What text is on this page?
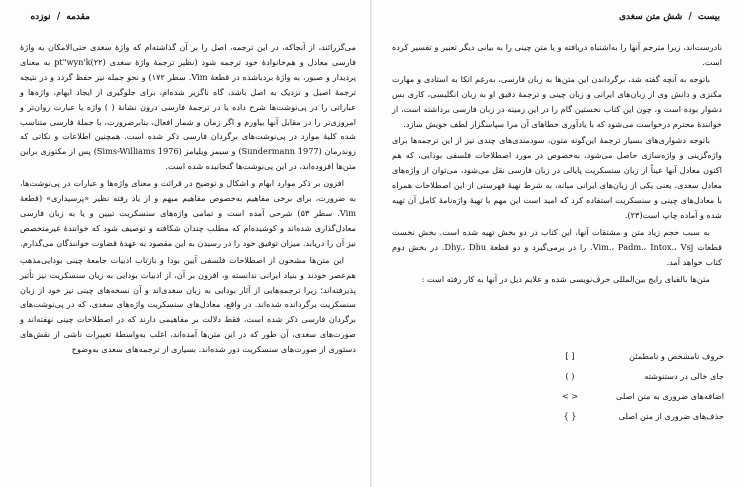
مقدمه / نوزده

می‌گزرائند، از آنجاکه، در این ترجمه، اصل را بر آن گذاشته‌ام که واژهٔ سغدی حتی‌الامکان به واژهٔ فارسی معادل و هم‌خانوادهٔ خود ترجمه شود (نظیر ترجمهٔ واژهٔ سغدی (٢٢)pt"wyn'k به معنای پردیدار و صبور، به واژهٔ بردباشده در قطعهٔ Vim. سطر ١٧٢) و نحو جمله نیز حفظ گردد و در نتیجه ترجمهٔ اصیل و نزدیک به اصل باشد، گاه ناگزیر شده‌ام، برای جلوگیری از ایجاد ابهام، واژه‌ها و عباراتی را در پی‌نوشت‌ها شرح داده یا در ترجمهٔ فارسی درون نشانهٔ ( ) واژه یا عبارت روان‌تر و امروزی‌تر را در مقابل آنها بیاورم و اگر زمان و شمار افعال، بنابرضرورت، با جملهٔ فارسی متناسب شده کلیهٔ موارد در پی‌نوشت‌های برگردان فارسی ذکر شده است. همچنین اطلاعات و نکاتی که زوندرمان (Sundermann 1977) و سیمز ویلیامز (Sims-Williams 1976) پس از مکتوزی براین متن‌ها افزوده‌اند، در این پی‌نوشت‌ها گنجانیده شده است.

افزون بر ذکر موارد ابهام و اشکال و توضیح در قرائت و معنای واژه‌ها و عبارات در پی‌نوشت‌ها، به ضرورت، برای برخی مفاهیم به‌خصوص مفاهیم مبهم و از یاد رفته نظیر «پرسیداری» (قطعهٔ Vim. سطر ۵٣) شرحی آمده است و تمامی واژه‌های سنسکریت تبیین و یا به زبان فارسی معادل‌گذاری شده‌اند و کوشیده‌ام که مطلب چندان شکافته و توصیف شود که خوانندهٔ غیرمتخصص نیز آن را دریابد. میزان توفیق خود را در رسیدن به این مقصود به عهدهٔ قضاوت خوانندگان می‌گذارم.

این متن‌ها مشحون از اصطلاحات فلسفی آیین بودا و بازتاب ادبیات جامعهٔ چینی بودایی‌مذهب هم‌عصر خودند و بنیاد ایرانی ندانسته و، افزون بر آن، از ادبیات بودایی به زبان سنسکریت نیز تأثیر پذیرفته‌اند؛ زیرا ترجمه‌هایی از آثار بودایی به زبان سغدی‌اند و آن نسخه‌های چینی نیز خود از زبان سنسکریت برگردانده شده‌اند. در واقع، معادل‌های سنسکریت واژه‌های سغدی، که در پی‌نوشت‌های برگردان فارسی ذکر شده است، فقط دلالت بر مفاهیمی دارند که در اصطلاحات چینی نهفته‌اند و صورت‌های سغدی، آن طور که در این متن‌ها آمده‌اند، اغلب به‌واسطهٔ تغییرات ناشی از نقش‌های دستوری از صورت‌های سنسکریت دور شده‌اند. بسیاری از ترجمه‌های سغدی به‌وضوح

بیست / شش متن سغدی

نادرست‌اند، زیرا مترجم آنها را به‌اشتباه دریافته و یا متن چینی را به بیانی دیگر تعبیر و تفسیر کرده است.

باتوجه به آنچه گفته شد، برگرداندن این متن‌ها به زبان فارسی، به‌رغم اتکا به استادی و مهارت مکنزی و دانش وی از زبان‌های ایرانی و زبان چینی و ترجمهٔ دقیق او به زبان انگلیسی، کاری بس دشوار بوده است و، چون این کتاب نخستین گام را در این زمینه در زبان فارسی برداشته است، از خوانندهٔ محترم درخواست می‌شود که با یادآوری خطاهای آن مرا سپاسگزار لطف خویش سازد.

باتوجه دشواری‌های بسیار ترجمهٔ این‌گونه متون، سودمندی‌های چندی نیز از این ترجمه‌ها برای واژه‌گزینی و واژه‌سازی حاصل می‌شود، به‌خصوص در مورد اصطلاحات فلسفی بودایی، که هم اکنون معادل آنها عیناً از زبان سنسکریت پایالی در زبان فارسی نقل می‌شود، می‌توان از واژه‌های معادل سغدی، یعنی یکی از زبان‌های ایرانی میانه، به شرط تهیهٔ فهرستی از این اصطلاحات همراه با معادل‌های چینی و سنسکریت استفاده کرد که امید است این مهم با تهیهٔ واژه‌نامهٔ کامل آن تهیه شده و آماده چاپ است(٢٣).

به سبب حجم زیاد متن و مشتقات آنها، این کتاب در دو بخش تهیه شده است. بخش نخست قطعات Vim.، Padm.، Intox.، Vsj. را در برمی‌گیرد و دو قطعهٔ Dhy.، Dhu. در بخش دوم کتاب خواهد آمد.

متن‌ها بالفبای رایج بین‌المللی حرف‌نویسی شده و علایم ذیل در آنها به کار رفته است :

حروف نامشخص و نامطمئن
[ ]
جای خالی در دستنوشته
( )
اضافه‌های ضروری به متن اصلی
< >
حذف‌های ضروری از متن اصلی
{ }
